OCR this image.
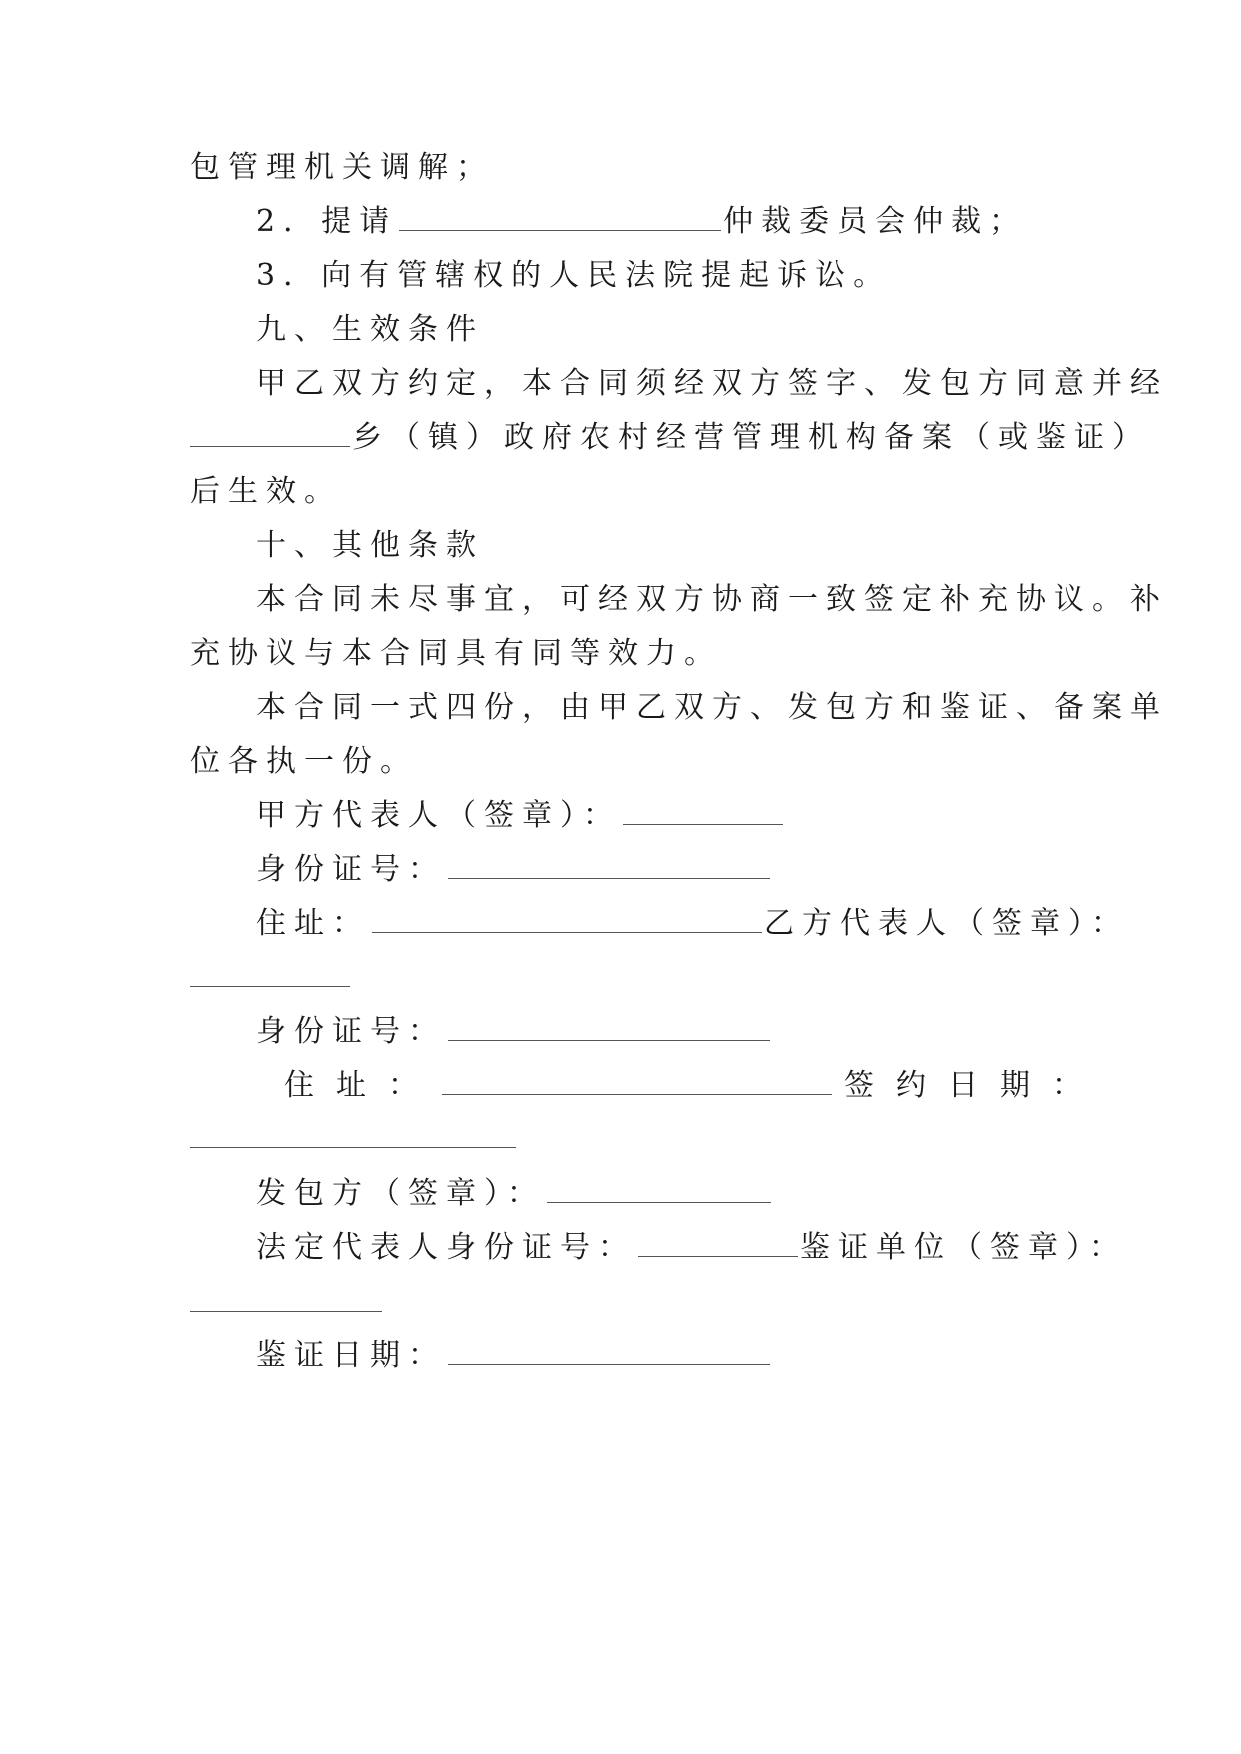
包管理机关调解；
2．提请	仲裁委员会仲裁；
3．向有管辖权的人民法院提起诉讼。
九、生效条件
甲乙双方约定，本合同须经双方签字、发包方同意并经
乡（镇）政府农村经营管理机构备案（或鉴证）
后生效。
十、其他条款
本合同未尽事宜，可经双方协商一致签定补充协议。补
充协议与本合同具有同等效力。
本合同一式四份，由甲乙双方、发包方和鉴证、备案单
位各执一份。
甲方代表人（签章）：
身份证号：
住址：	乙方代表人（签章）：
身份证号：
住址：	签约日期：
发包方（签章）：
法定代表人身份证号：	鉴证单位（签章）：
鉴证日期：
